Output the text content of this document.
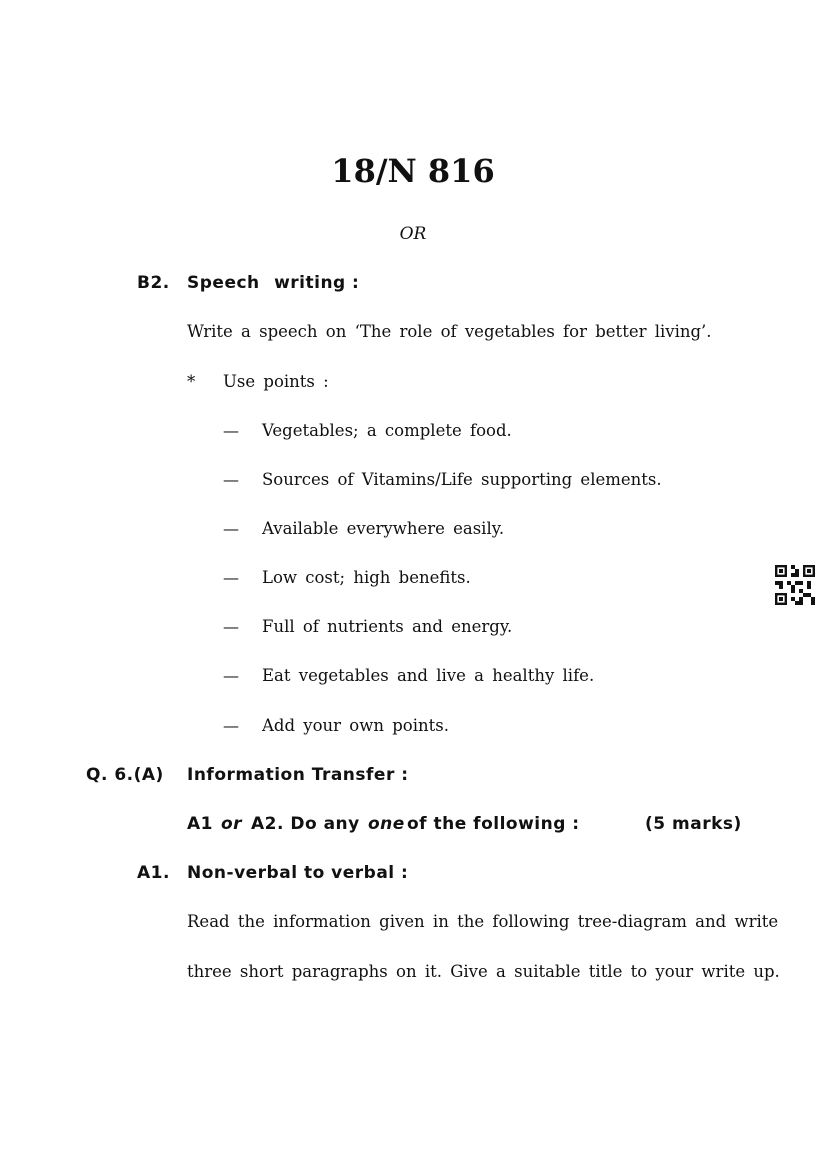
18/N 816
OR
B2. Speech writing :
Write a speech on ‘The role of vegetables for better living’.
* Use points :
— Vegetables; a complete food.
— Sources of Vitamins/Life supporting elements.
— Available everywhere easily.
— Low cost; high benefits.
— Full of nutrients and energy.
— Eat vegetables and live a healthy life.
— Add your own points.
Q. 6.(A) Information Transfer :
A1 or A2. Do any one of the following :	(5 marks)
A1. Non-verbal to verbal :
Read the information given in the following tree-diagram and write
three short paragraphs on it. Give a suitable title to your write up.
